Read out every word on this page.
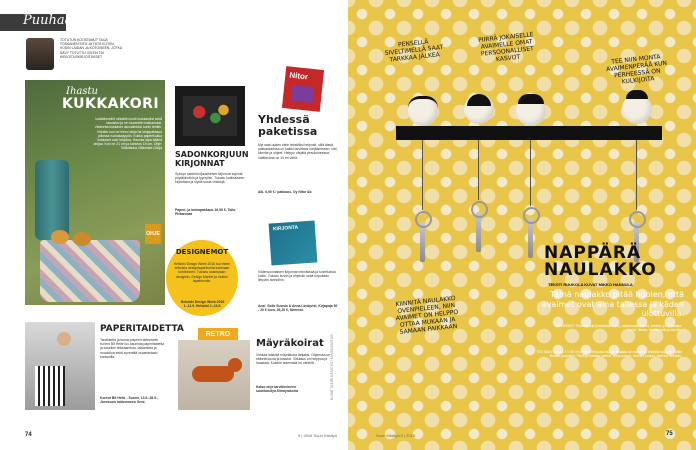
Puuhaamo
TOTUTUN KOOSTANUT TAIJA TOSKANEN SITÄ JA TÄTÄ KOTIIN, KODIN LAIDAN JA KOTOISEEN, JOTKA SÄVY TOTUTTU OSITIN TAI KIRJOITUSKIRJOITUKSET
Ihastu
KUKKAKORI
Isoäidinneliöt virkattiin koriin kukkasiksi sekä takasiksi ja ne muutettiin kukkarioksi. Visiteetta kukkaset ukuvalmiiksi koriin tehtiin. Virkattu kori on hieno lahja tai lahjapakkaus piilossa ruokakaappiin. Kukka paperikukka kukkaset ovat lahjoina. Hauska tapa kääriä lahjaa. Kori on 21 cm ja korkeus 15 cm. Ohje: Silkkilanka Villamista Oiloja
OHJE
SADONKORJUUN KIRJONNAT
Syksyn sadonkorjuuaiheiset kirjonnat sopivat pöytäliinoihin ja tyynyihin. Tutustu kotimaiseen kirjontaan ja löydä uusia vinkkejä.
Paperi- ja lankapakkaus 16,90 €, Taito Pirkanmaa
Nitor
Yhdessä paketissa
Myi saat uuden värin tekstiiliisi helposti, sillä tässä pakkauksessa on kaikki tarvittava värjäämiseen: väri, kiinnite ja ohjeet. Helppo värjätä pesukoneessa. Valittavana on 10 eri väriä.
Alk. 6,90 € / pakkaus, Oy Nitor Ab
DESIGNEMOT
Helsinki Design Week 2016 tuo eteen erikoisia designtapahtumia kotimaan kohteineen. Tutustu uusimpaan designiin, Design Market ja muihin tapahtumiin.
Helsinki Design Week 2016 1.-11.9. Helsinki 1.-11.9.
KIRJONTA
Viidensuuntaisen kirjonnan tekniikkaa ja sovelluksia kotiin. Tutustu kuviin ja ohjeisiin sekä kirjontaan liittyviin tarinoihin.
Ansi. Soile Suonio & Anna Lindqvist, Kirjapaja 50 - 20 € luon, 26,20 €, Moreeni.
PAPERITAIDETTA
Tarvikkeita ja kurssi paperin taiteeseen. Korent Bit Helle luo kaunista paperitaidetta ja kokeilee leikkaamista, taittamista ja muotoilua sekä syventää osaamistaan kursseilla.
Korent Bit Helle - Suomi, 13.9.-28.9., Joensuun taidemuseo Onni.
RETRO
Mäyräkoirat
Virkkaa leikkisä mäyräkoira lahjaksi. Ohjeessa on selkeät kuvat ja kaaviot. Virkkaus on helppoa ja hauskaa. Kokeile tekemistä eri väreillä.
Katso ohje tarvikkeineen suurikasityo.fi/mayrakoira	KUVAT SUURI KÄSITYÖ / KUVATOIMITUS
74	9 | 2016 Suuri Käsityö
PENSELLÄ SIVELTIMELLÄ SAAT TARKKAA JÄLKEA
PIIRRÄ JOKAISELLE AVAIMELLE OMAT PERSOONALLISET KASVOT	TEE NIIN MONTA AVAIMENPERÄÄ KUN PERHEESSÄ ON KULKIJOITA
KIINNITÄ NAULAKKO OVENPIELEEN, NIIN AVAIMET ON HELPPO OTTAA MUKAAN JA SAMAAN PAIKKAAN
NAPPÄRÄ
NAULAKKO
TEKSTI RUUKOLA KUVAT MIKKO HANNULA
Tämä naulakko pitää huolen, että avaimet ovat aina tallessa ja käden ulottuvilla.
TARVIKKEET: Puunuppeja (halkaisija 4 cm), maalaustarvikkeet, koukut, pohjamaalia, ruuvi, liimaa, laudan pala ja sivellin.
TEE NÄIN: Sahaa 7 x 39 cm:n mittainen pala lautaa. Maalaa se mustaksi. Kiinnitä nuppien päälle liimalla puupallot. Piirrä ja maalaa kasvot, anna kuivua. Kiinnitä koukut. Asenna seinään.
Suuri Käsityö 9 | 2016	75
